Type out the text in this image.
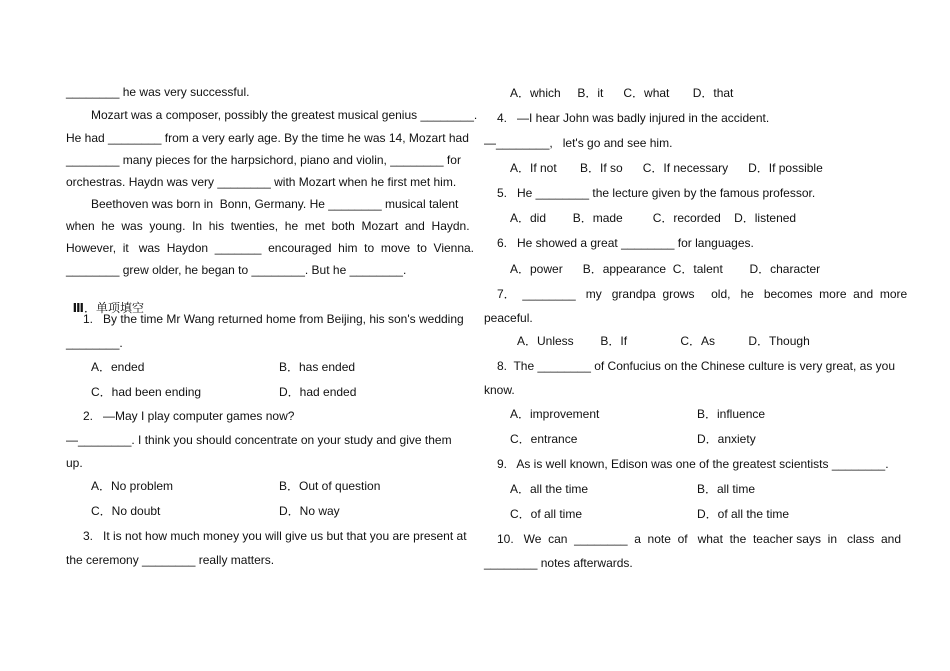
________ he was very successful.
Mozart was a composer, possibly the greatest musical genius ________.
He had ________ from a very early age. By the time he was 14, Mozart had
________ many pieces for the harpsichord, piano and violin, ________ for
orchestras. Haydn was very ________ with Mozart when he first met him.
Beethoven was born in  Bonn, Germany. He ________ musical talent
when  he  was  young.  In  his  twenties,  he  met  both  Mozart  and  Haydn.
However,  it   was  Haydon  _______  encouraged  him  to  move  to  Vienna.
________ grew older, he began to ________. But he ________.

Ⅲ．单项填空

1.   By the time Mr Wang returned home from Beijing, his son's wedding
________.
A．ended	B．has ended
C．had been ending	D．had ended
2.   —May I play computer games now?
—________. I think you should concentrate on your study and give them
up.
A．No problem	B．Out of question
C．No doubt	D．No way
3.   It is not how much money you will give us but that you are present at
the ceremony ________ really matters.
A．which     B．it      C．what       D．that
4.   —I hear John was badly injured in the accident.
—________,   let's go and see him.
A．If not       B．If so      C．If necessary      D．If possible
5.   He ________ the lecture given by the famous professor.
A．did        B．made         C．recorded    D．listened
6.   He showed a great ________ for languages.
A．power      B．appearance  C．talent        D．character
7．  ________   my   grandpa  grows     old,   he   becomes  more  and  more
peaceful.
A．Unless        B．If                C．As          D．Though
8.  The ________ of Confucius on the Chinese culture is very great, as you
know.
A．improvement	B．influence
C．entrance	D．anxiety
9.   As is well known, Edison was one of the greatest scientists ________.
A．all the time	B．all time
C．of all time	D．of all the time
10.   We  can  ________  a  note  of   what  the  teacher says  in   class  and
________ notes afterwards.
